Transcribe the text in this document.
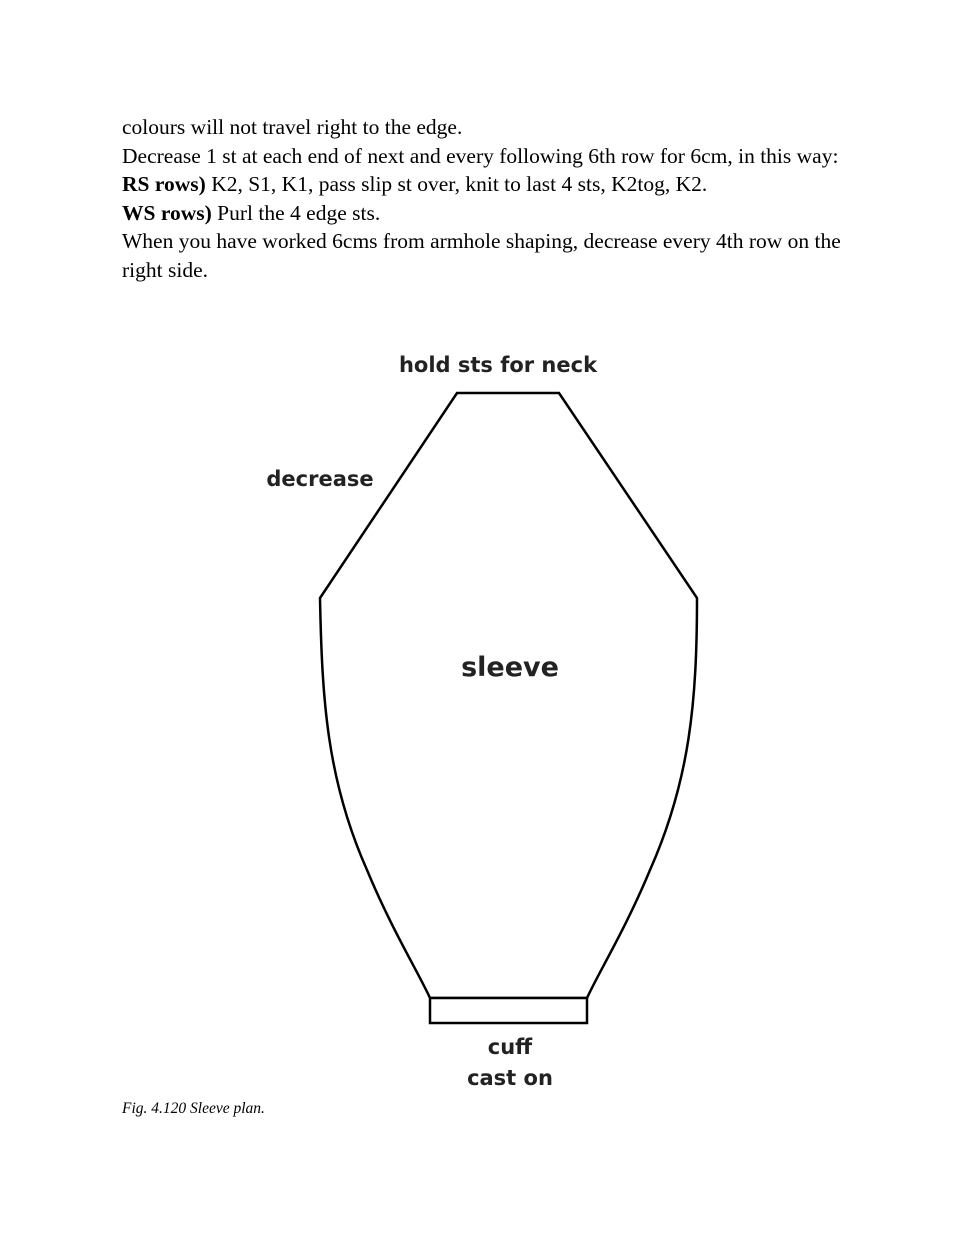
colours will not travel right to the edge.

Decrease 1 st at each end of next and every following 6th row for 6cm, in this way:

RS rows) K2, S1, K1, pass slip st over, knit to last 4 sts, K2tog, K2.

WS rows) Purl the 4 edge sts.

When you have worked 6cms from armhole shaping, decrease every 4th row on the right side.

hold sts for neck
decrease
sleeve
cuff
cast on
Fig. 4.120 Sleeve plan.
